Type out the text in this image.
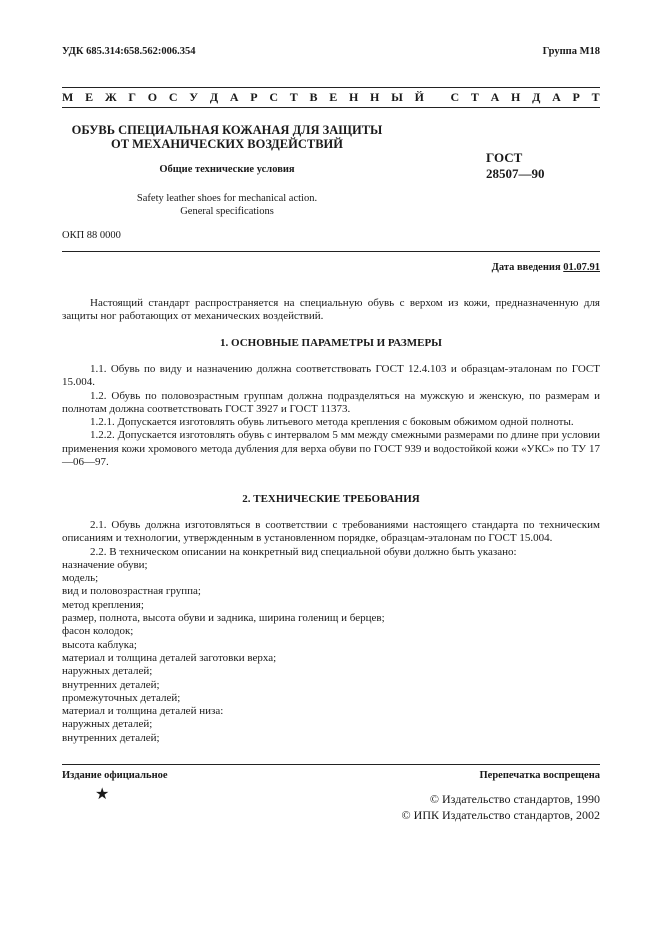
УДК 685.314:658.562:006.354	Группа М18
М Е Ж Г О С У Д А Р С Т В Е Н Н Ы Й
С Т А Н Д А Р Т
ОБУВЬ СПЕЦИАЛЬНАЯ КОЖАНАЯ ДЛЯ ЗАЩИТЫ
ОТ МЕХАНИЧЕСКИХ ВОЗДЕЙСТВИЙ
Общие технические условия
Safety leather shoes for mechanical action.
General specifications
ГОСТ
28507—90
ОКП 88 0000
Дата введения 01.07.91

Настоящий стандарт распространяется на специальную обувь с верхом из кожи, предназначенную для защиты ног работающих от механических воздействий.

1. ОСНОВНЫЕ ПАРАМЕТРЫ И РАЗМЕРЫ

1.1. Обувь по виду и назначению должна соответствовать ГОСТ 12.4.103 и образцам-эталонам по ГОСТ 15.004.

1.2. Обувь по половозрастным группам должна подразделяться на мужскую и женскую, по размерам и полнотам должна соответствовать ГОСТ 3927 и ГОСТ 11373.

1.2.1. Допускается изготовлять обувь литьевого метода крепления с боковым обжимом одной полноты.

1.2.2. Допускается изготовлять обувь с интервалом 5 мм между смежными размерами по длине при условии применения кожи хромового метода дубления для верха обуви по ГОСТ 939 и водостойкой кожи «УКС» по ТУ 17—06—97.

2. ТЕХНИЧЕСКИЕ ТРЕБОВАНИЯ

2.1. Обувь должна изготовляться в соответствии с требованиями настоящего стандарта по техническим описаниям и технологии, утвержденным в установленном порядке, образцам-эталонам по ГОСТ 15.004.

2.2. В техническом описании на конкретный вид специальной обуви должно быть указано:

назначение обуви;
модель;
вид и половозрастная группа;
метод крепления;
размер, полнота, высота обуви и задника, ширина голенищ и берцев;
фасон колодок;
высота каблука;
материал и толщина деталей заготовки верха;
наружных деталей;
внутренних деталей;
промежуточных деталей;
материал и толщина деталей низа:
наружных деталей;
внутренних деталей;
Издание официальное	Перепечатка воспрещена
★	© Издательство стандартов, 1990
© ИПК Издательство стандартов, 2002
